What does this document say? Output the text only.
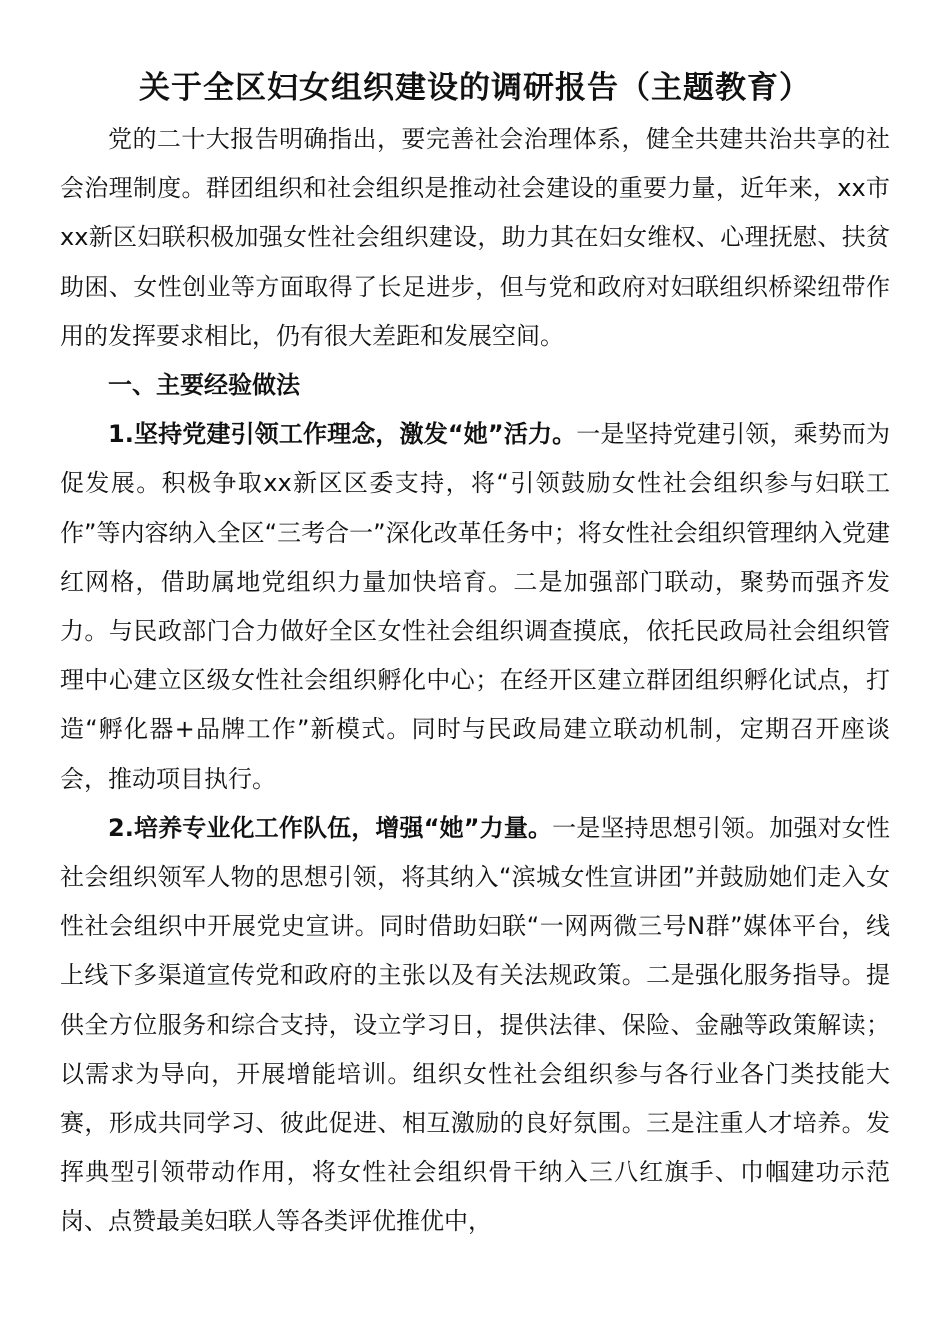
关于全区妇女组织建设的调研报告（主题教育）

党的二十大报告明确指出，要完善社会治理体系，健全共建共治共享的社会治理制度。群团组织和社会组织是推动社会建设的重要力量，近年来，xx市xx新区妇联积极加强女性社会组织建设，助力其在妇女维权、心理抚慰、扶贫助困、女性创业等方面取得了长足进步，但与党和政府对妇联组织桥梁纽带作用的发挥要求相比，仍有很大差距和发展空间。

一、主要经验做法

1.坚持党建引领工作理念，激发“她”活力。一是坚持党建引领，乘势而为促发展。积极争取xx新区区委支持，将“引领鼓励女性社会组织参与妇联工作”等内容纳入全区“三考合一”深化改革任务中；将女性社会组织管理纳入党建红网格，借助属地党组织力量加快培育。二是加强部门联动，聚势而强齐发力。与民政部门合力做好全区女性社会组织调查摸底，依托民政局社会组织管理中心建立区级女性社会组织孵化中心；在经开区建立群团组织孵化试点，打造“孵化器+品牌工作”新模式。同时与民政局建立联动机制，定期召开座谈会，推动项目执行。

2.培养专业化工作队伍，增强“她”力量。一是坚持思想引领。加强对女性社会组织领军人物的思想引领，将其纳入“滨城女性宣讲团”并鼓励她们走入女性社会组织中开展党史宣讲。同时借助妇联“一网两微三号N群”媒体平台，线上线下多渠道宣传党和政府的主张以及有关法规政策。二是强化服务指导。提供全方位服务和综合支持，设立学习日，提供法律、保险、金融等政策解读；以需求为导向，开展增能培训。组织女性社会组织参与各行业各门类技能大赛，形成共同学习、彼此促进、相互激励的良好氛围。三是注重人才培养。发挥典型引领带动作用，将女性社会组织骨干纳入三八红旗手、巾帼建功示范岗、点赞最美妇联人等各类评优推优中，
